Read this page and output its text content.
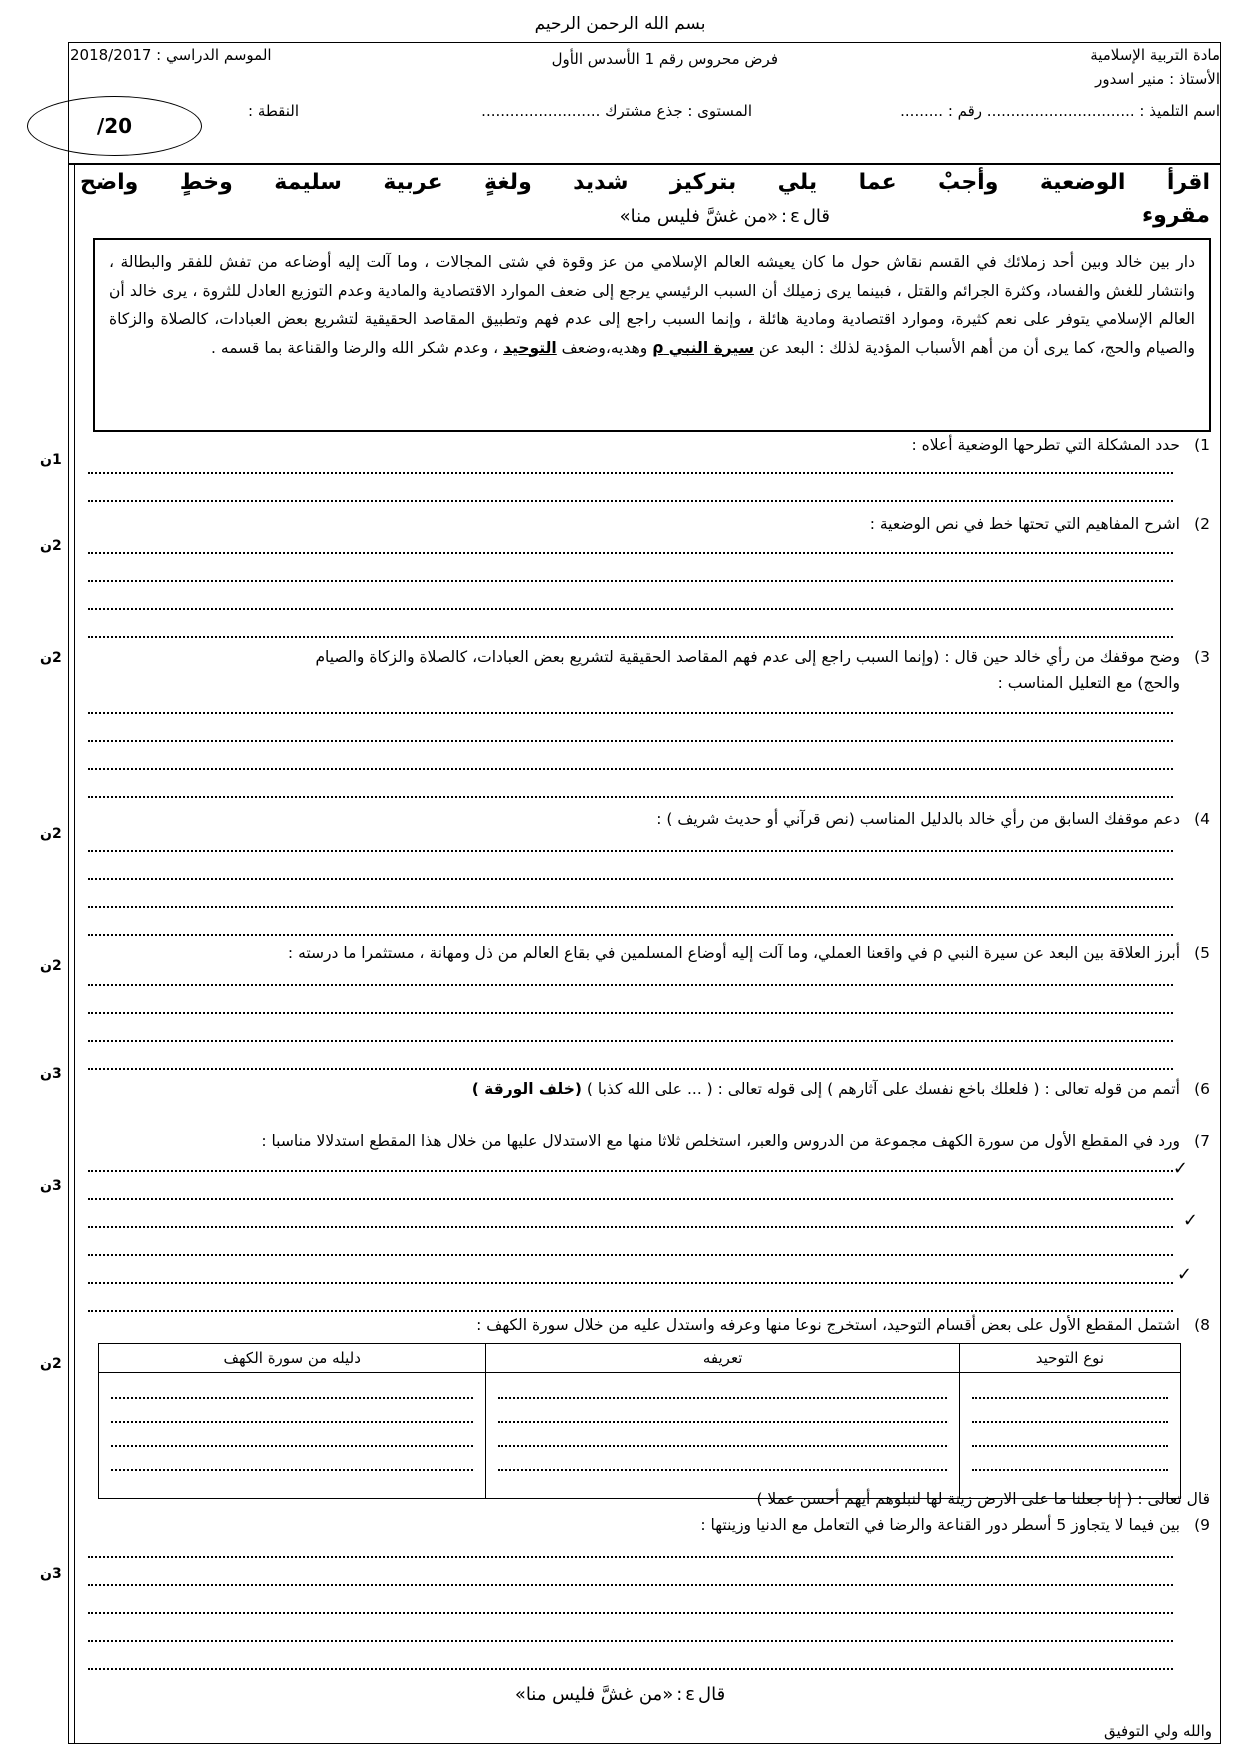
بسم الله الرحمن الرحيم
مادة التربية الإسلامية
الأستاذ : منير اسدور
اسم التلميذ : ............................... رقم : .........
المستوى : جذع مشترك .........................
فرض محروس رقم 1 الأسدس الأول
الموسم الدراسي : 2018/2017
النقطة :
/20
اقرأ الوضعية وأجبْ عما يلي بتركيز شديد ولغةٍ عربية سليمة وخطٍ واضح
مقروء
قالε:«من غشَّ فليس منا»
دار بين خالد وبين أحد زملائك في القسم نقاش حول ما كان يعيشه العالم الإسلامي من عز وقوة في شتى المجالات ، وما آلت إليه أوضاعه من تفش للفقر والبطالة ، وانتشار للغش والفساد، وكثرة الجرائم والقتل ، فبينما يرى زميلك أن السبب الرئيسي يرجع إلى ضعف الموارد الاقتصادية والمادية وعدم التوزيع العادل للثروة ، يرى خالد أن العالم الإسلامي يتوفر على نعم كثيرة، وموارد اقتصادية ومادية هائلة ، وإنما السبب راجع إلى عدم فهم وتطبيق المقاصد الحقيقية لتشريع بعض العبادات، كالصلاة والزكاة والصيام والحج، كما يرى أن من أهم الأسباب المؤدية لذلك : البعد عن سيرة النبي ρ وهديه،وضعف التوحيد ، وعدم شكر الله والرضا والقناعة بما قسمه .
1)
حدد المشكلة التي تطرحها الوضعية أعلاه :
1ن
2)
اشرح المفاهيم التي تحتها خط في نص الوضعية :
2ن
3)
وضح موقفك من رأي خالد حين قال : (وإنما السبب راجع إلى عدم فهم المقاصد الحقيقية لتشريع بعض العبادات، كالصلاة والزكاة والصيام
والحج) مع التعليل المناسب :
2ن
4)
دعم موقفك السابق من رأي خالد بالدليل المناسب (نص قرآني أو حديث شريف ) :
2ن
5)
أبرز العلاقة بين البعد عن سيرة النبي ρ في واقعنا العملي، وما آلت إليه أوضاع المسلمين في بقاع العالم من ذل ومهانة ، مستثمرا ما درسته :
2ن
6)
أتمم من قوله تعالى : ( فلعلك باخع نفسك على آثارهم ) إلى قوله تعالى : ( ... على الله كذبا ) (خلف الورقة )
3ن
7)
ورد في المقطع الأول من سورة الكهف مجموعة من الدروس والعبر، استخلص ثلاثا منها مع الاستدلال عليها من خلال هذا المقطع استدلالا مناسبا :
3ن
✓
✓
✓
8)
اشتمل المقطع الأول على بعض أقسام التوحيد، استخرج نوعا منها وعرفه واستدل عليه من خلال سورة الكهف :
2ن	نوع التوحيد	تعريفه	دليله من سورة الكهف

قال تعالى : ( إنا جعلنا ما على الارض زينة لها لنبلوهم أيهم أحسن عملا )
9)
بين فيما لا يتجاوز 5 أسطر دور القناعة والرضا في التعامل مع الدنيا وزينتها :
3ن
قالε:«من غشَّ فليس منا»
والله ولي التوفيق
